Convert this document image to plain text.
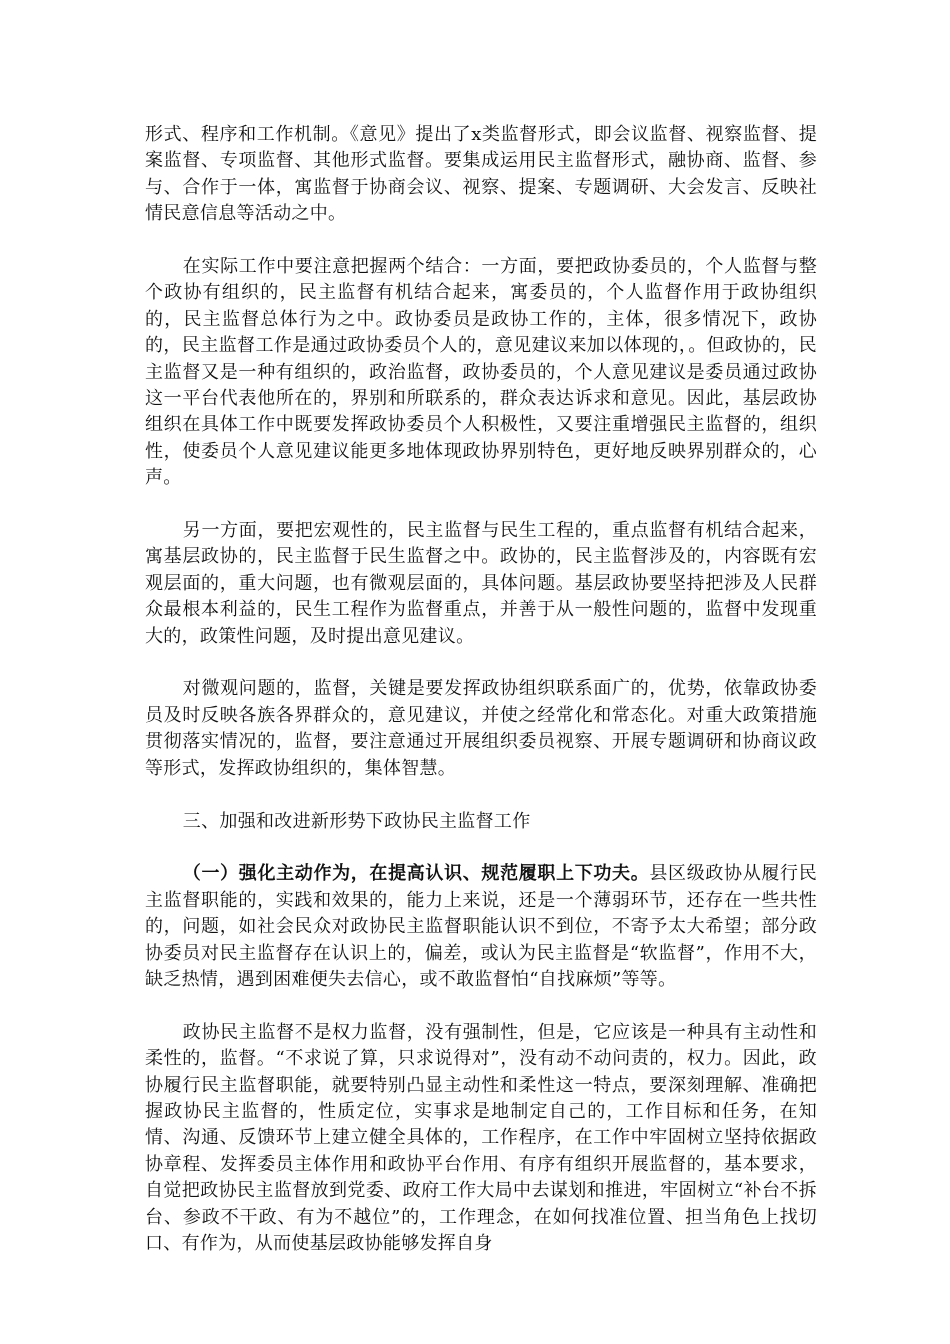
形式、程序和工作机制。《意见》提出了x类监督形式，即会议监督、视察监督、提案监督、专项监督、其他形式监督。要集成运用民主监督形式，融协商、监督、参与、合作于一体，寓监督于协商会议、视察、提案、专题调研、大会发言、反映社情民意信息等活动之中。

在实际工作中要注意把握两个结合：一方面，要把政协委员的，个人监督与整个政协有组织的，民主监督有机结合起来，寓委员的，个人监督作用于政协组织的，民主监督总体行为之中。政协委员是政协工作的，主体，很多情况下，政协的，民主监督工作是通过政协委员个人的，意见建议来加以体现的，。但政协的，民主监督又是一种有组织的，政治监督，政协委员的，个人意见建议是委员通过政协这一平台代表他所在的，界别和所联系的，群众表达诉求和意见。因此，基层政协组织在具体工作中既要发挥政协委员个人积极性，又要注重增强民主监督的，组织性，使委员个人意见建议能更多地体现政协界别特色，更好地反映界别群众的，心声。

另一方面，要把宏观性的，民主监督与民生工程的，重点监督有机结合起来，寓基层政协的，民主监督于民生监督之中。政协的，民主监督涉及的，内容既有宏观层面的，重大问题，也有微观层面的，具体问题。基层政协要坚持把涉及人民群众最根本利益的，民生工程作为监督重点，并善于从一般性问题的，监督中发现重大的，政策性问题，及时提出意见建议。

对微观问题的，监督，关键是要发挥政协组织联系面广的，优势，依靠政协委员及时反映各族各界群众的，意见建议，并使之经常化和常态化。对重大政策措施贯彻落实情况的，监督，要注意通过开展组织委员视察、开展专题调研和协商议政等形式，发挥政协组织的，集体智慧。

三、加强和改进新形势下政协民主监督工作

（一）强化主动作为，在提高认识、规范履职上下功夫。县区级政协从履行民主监督职能的，实践和效果的，能力上来说，还是一个薄弱环节，还存在一些共性的，问题，如社会民众对政协民主监督职能认识不到位，不寄予太大希望；部分政协委员对民主监督存在认识上的，偏差，或认为民主监督是“软监督”，作用不大，缺乏热情，遇到困难便失去信心，或不敢监督怕“自找麻烦”等等。

政协民主监督不是权力监督，没有强制性，但是，它应该是一种具有主动性和柔性的，监督。“不求说了算，只求说得对”，没有动不动问责的，权力。因此，政协履行民主监督职能，就要特别凸显主动性和柔性这一特点，要深刻理解、准确把握政协民主监督的，性质定位，实事求是地制定自己的，工作目标和任务，在知情、沟通、反馈环节上建立健全具体的，工作程序，在工作中牢固树立坚持依据政协章程、发挥委员主体作用和政协平台作用、有序有组织开展监督的，基本要求，自觉把政协民主监督放到党委、政府工作大局中去谋划和推进，牢固树立“补台不拆台、参政不干政、有为不越位”的，工作理念，在如何找准位置、担当角色上找切口、有作为，从而使基层政协能够发挥自身
